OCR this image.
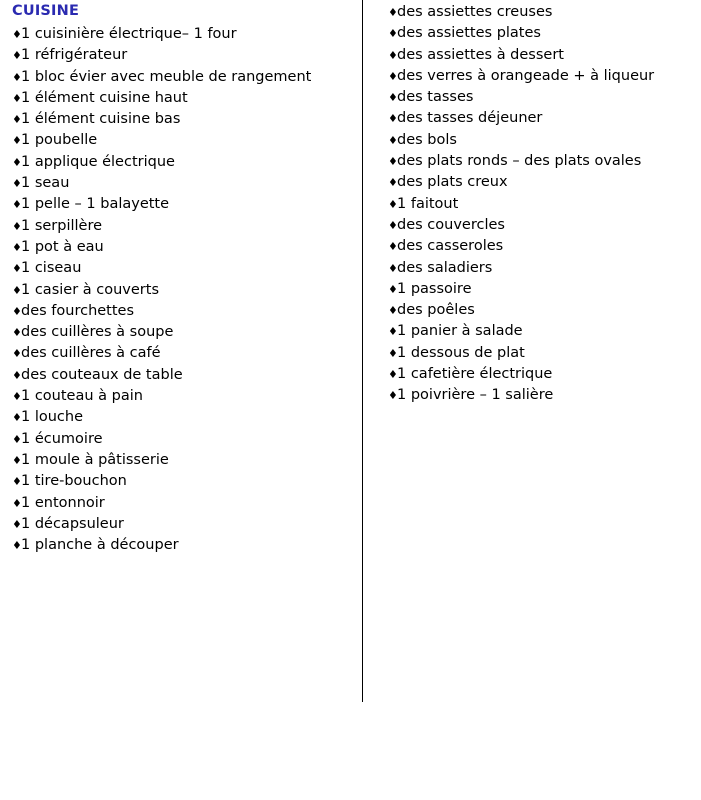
CUISINE
♦ 1 cuisinière électrique– 1 four
♦ 1 réfrigérateur
♦ 1 bloc évier avec meuble de rangement
♦ 1 élément cuisine haut
♦ 1 élément cuisine bas
♦ 1 poubelle
♦ 1 applique électrique
♦ 1 seau
♦ 1 pelle – 1 balayette
♦ 1 serpillère
♦ 1 pot à eau
♦ 1 ciseau
♦ 1 casier à couverts
♦ des fourchettes
♦ des cuillères à soupe
♦ des cuillères à café
♦ des couteaux de table
♦ 1 couteau à pain
♦ 1 louche
♦ 1 écumoire
♦ 1 moule à pâtisserie
♦ 1 tire-bouchon
♦ 1 entonnoir
♦ 1 décapsuleur
♦ 1 planche à découper
♦ des assiettes creuses
♦ des assiettes plates
♦ des assiettes à dessert
♦ des verres à orangeade + à liqueur
♦ des tasses
♦ des tasses déjeuner
♦ des bols
♦ des plats ronds – des plats ovales
♦ des plats creux
♦ 1 faitout
♦ des couvercles
♦ des casseroles
♦ des saladiers
♦ 1 passoire
♦ des poêles
♦ 1 panier à salade
♦ 1 dessous de plat
♦ 1 cafetière électrique
♦ 1 poivrière – 1 salière
